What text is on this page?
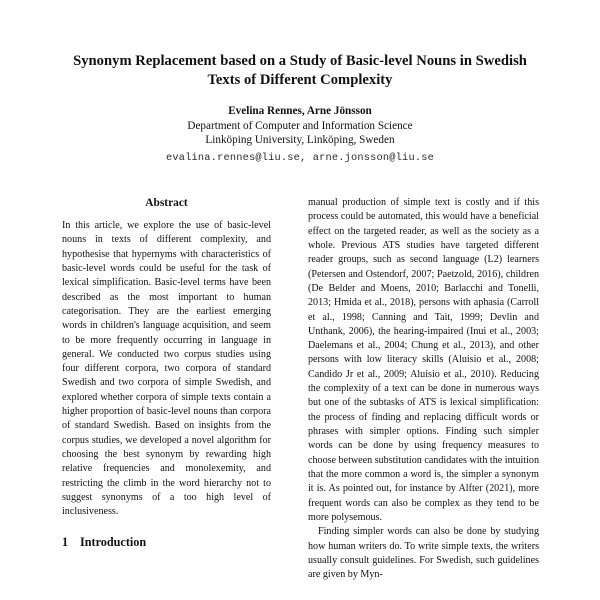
Synonym Replacement based on a Study of Basic-level Nouns in Swedish Texts of Different Complexity
Evelina Rennes, Arne Jönsson
Department of Computer and Information Science
Linköping University, Linköping, Sweden
evalina.rennes@liu.se, arne.jonsson@liu.se
Abstract

In this article, we explore the use of basic-level nouns in texts of different complexity, and hypothesise that hypernyms with characteristics of basic-level words could be useful for the task of lexical simplification. Basic-level terms have been described as the most important to human categorisation. They are the earliest emerging words in children's language acquisition, and seem to be more frequently occurring in language in general. We conducted two corpus studies using four different corpora, two corpora of standard Swedish and two corpora of simple Swedish, and explored whether corpora of simple texts contain a higher proportion of basic-level nouns than corpora of standard Swedish. Based on insights from the corpus studies, we developed a novel algorithm for choosing the best synonym by rewarding high relative frequencies and monolexemity, and restricting the climb in the word hierarchy not to suggest synonyms of a too high level of inclusiveness.

1 Introduction

manual production of simple text is costly and if this process could be automated, this would have a beneficial effect on the targeted reader, as well as the society as a whole. Previous ATS studies have targeted different reader groups, such as second language (L2) learners (Petersen and Ostendorf, 2007; Paetzold, 2016), children (De Belder and Moens, 2010; Barlacchi and Tonelli, 2013; Hmida et al., 2018), persons with aphasia (Carroll et al., 1998; Canning and Tait, 1999; Devlin and Unthank, 2006), the hearing-impaired (Inui et al., 2003; Daelemans et al., 2004; Chung et al., 2013), and other persons with low literacy skills (Aluisio et al., 2008; Candido Jr et al., 2009; Aluisio et al., 2010). Reducing the complexity of a text can be done in numerous ways but one of the subtasks of ATS is lexical simplification: the process of finding and replacing difficult words or phrases with simpler options. Finding such simpler words can be done by using frequency measures to choose between substitution candidates with the intuition that the more common a word is, the simpler a synonym it is. As pointed out, for instance by Alfter (2021), more frequent words can also be complex as they tend to be more polysemous.

Finding simpler words can also be done by studying how human writers do. To write simple texts, the writers usually consult guidelines. For Swedish, such guidelines are given by Myn-
